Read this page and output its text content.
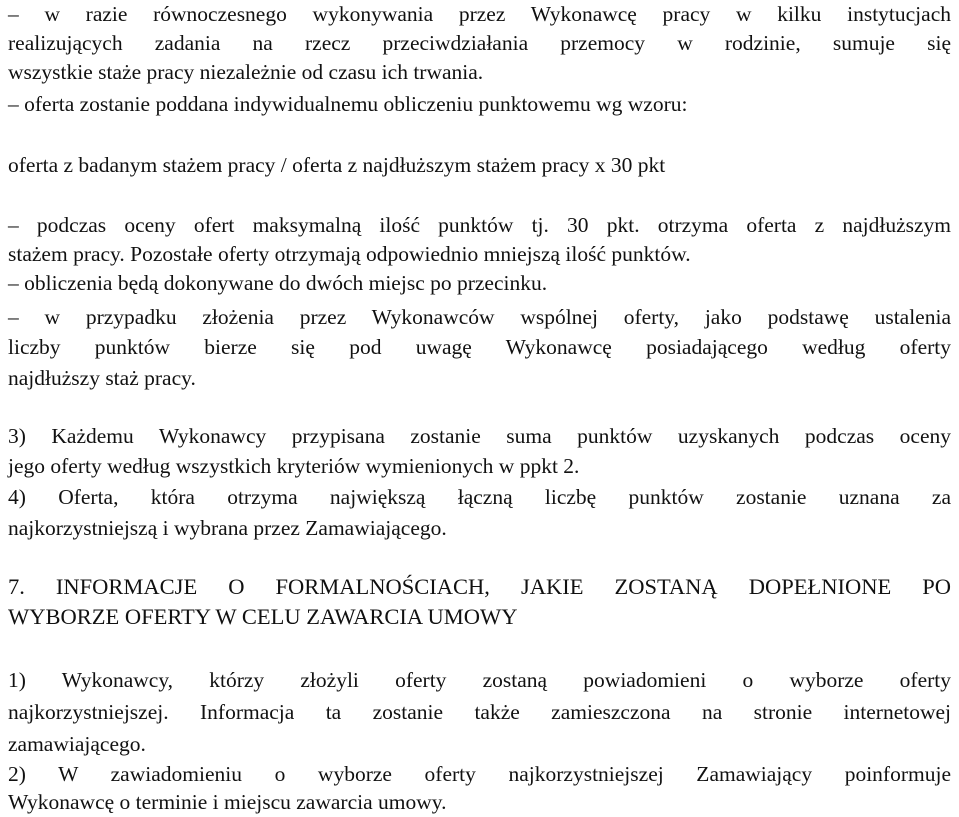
– w razie równoczesnego wykonywania przez Wykonawcę pracy w kilku instytucjach
realizujących zadania na rzecz przeciwdziałania przemocy w rodzinie, sumuje się
wszystkie staże pracy niezależnie od czasu ich trwania.
– oferta zostanie poddana indywidualnemu obliczeniu punktowemu wg wzoru:
oferta z badanym stażem pracy / oferta z najdłuższym stażem pracy x 30 pkt
– podczas oceny ofert maksymalną ilość punktów tj. 30 pkt. otrzyma oferta z najdłuższym
stażem pracy. Pozostałe oferty otrzymają odpowiednio mniejszą ilość punktów.
– obliczenia będą dokonywane do dwóch miejsc po przecinku.
– w przypadku złożenia przez Wykonawców wspólnej oferty, jako podstawę ustalenia
liczby punktów bierze się pod uwagę Wykonawcę posiadającego według oferty
najdłuższy staż pracy.
3) Każdemu Wykonawcy przypisana zostanie suma punktów uzyskanych podczas oceny
jego oferty według wszystkich kryteriów wymienionych w ppkt 2.
4) Oferta, która otrzyma największą łączną liczbę punktów zostanie uznana za
najkorzystniejszą i wybrana przez Zamawiającego.
7. INFORMACJE O FORMALNOŚCIACH, JAKIE ZOSTANĄ DOPEŁNIONE PO
WYBORZE OFERTY W CELU ZAWARCIA UMOWY
1) Wykonawcy, którzy złożyli oferty zostaną powiadomieni o wyborze oferty
najkorzystniejszej. Informacja ta zostanie także zamieszczona na stronie internetowej
zamawiającego.
2) W zawiadomieniu o wyborze oferty najkorzystniejszej Zamawiający poinformuje
Wykonawcę o terminie i miejscu zawarcia umowy.
